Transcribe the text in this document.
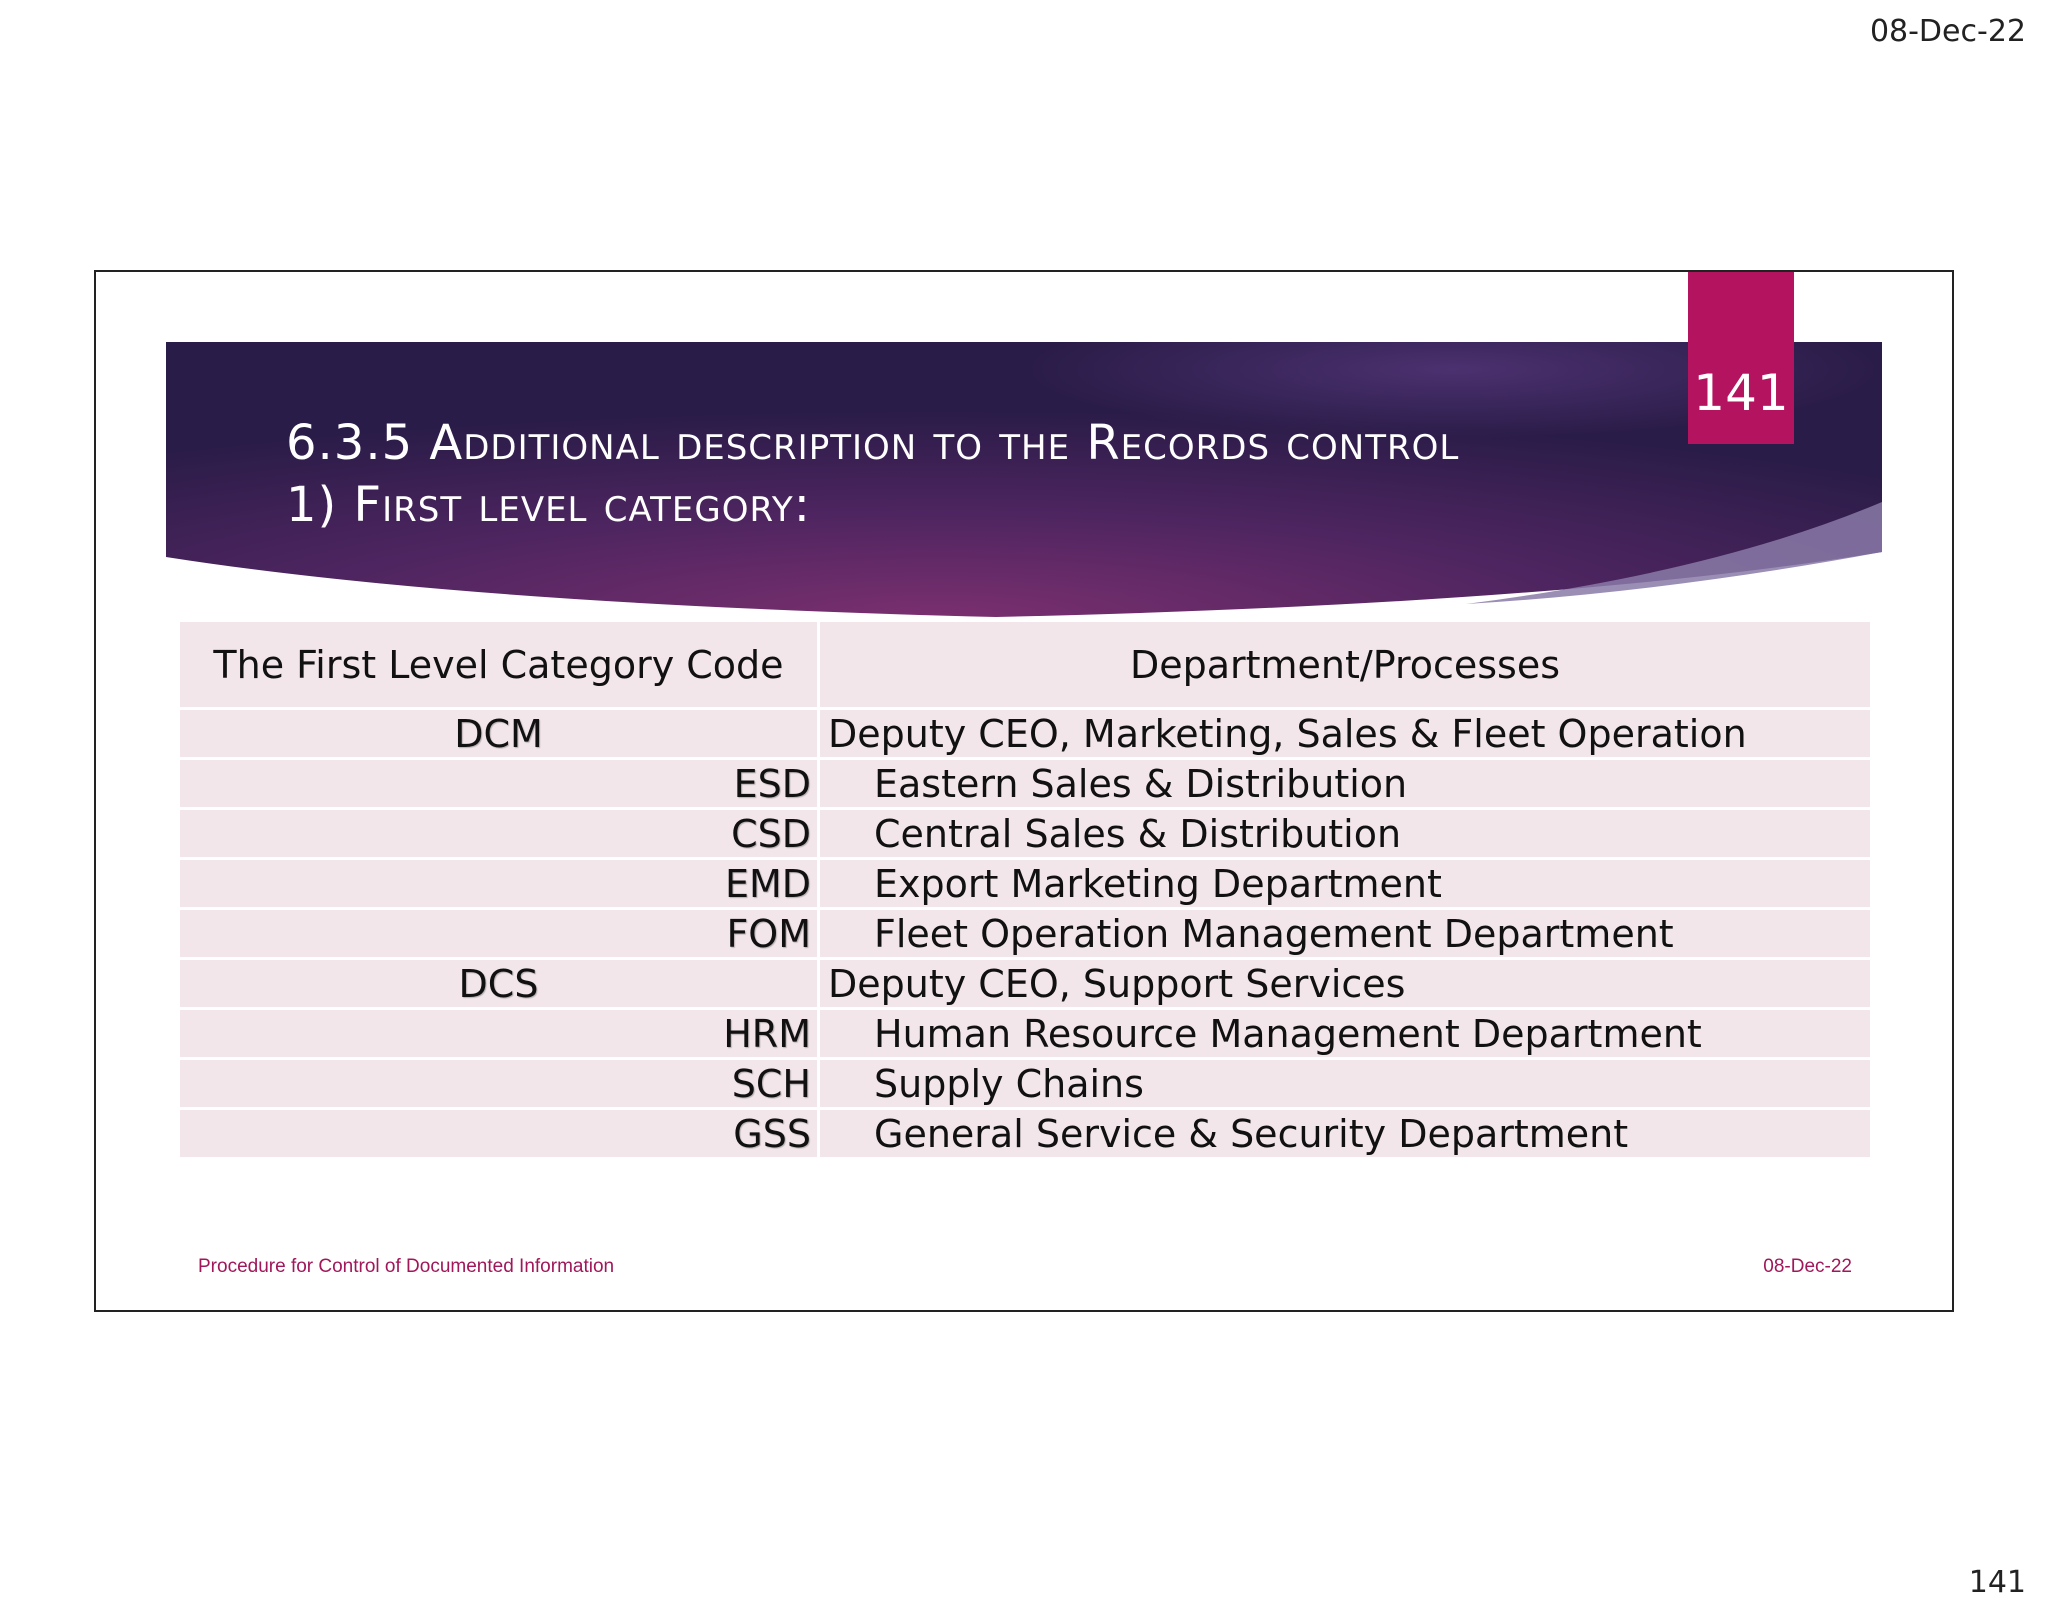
08-Dec-22
6.3.5 Additional description to the Records control
1) First level category:
141
The First Level Category Code	Department/Processes
DCM	Deputy CEO, Marketing, Sales & Fleet Operation
ESD	Eastern Sales & Distribution
CSD	Central Sales & Distribution
EMD	Export Marketing Department
FOM	Fleet Operation Management Department
DCS	Deputy CEO, Support Services
HRM	Human Resource Management Department
SCH	Supply Chains
GSS	General Service & Security Department
Procedure for Control of Documented Information	08-Dec-22
141
